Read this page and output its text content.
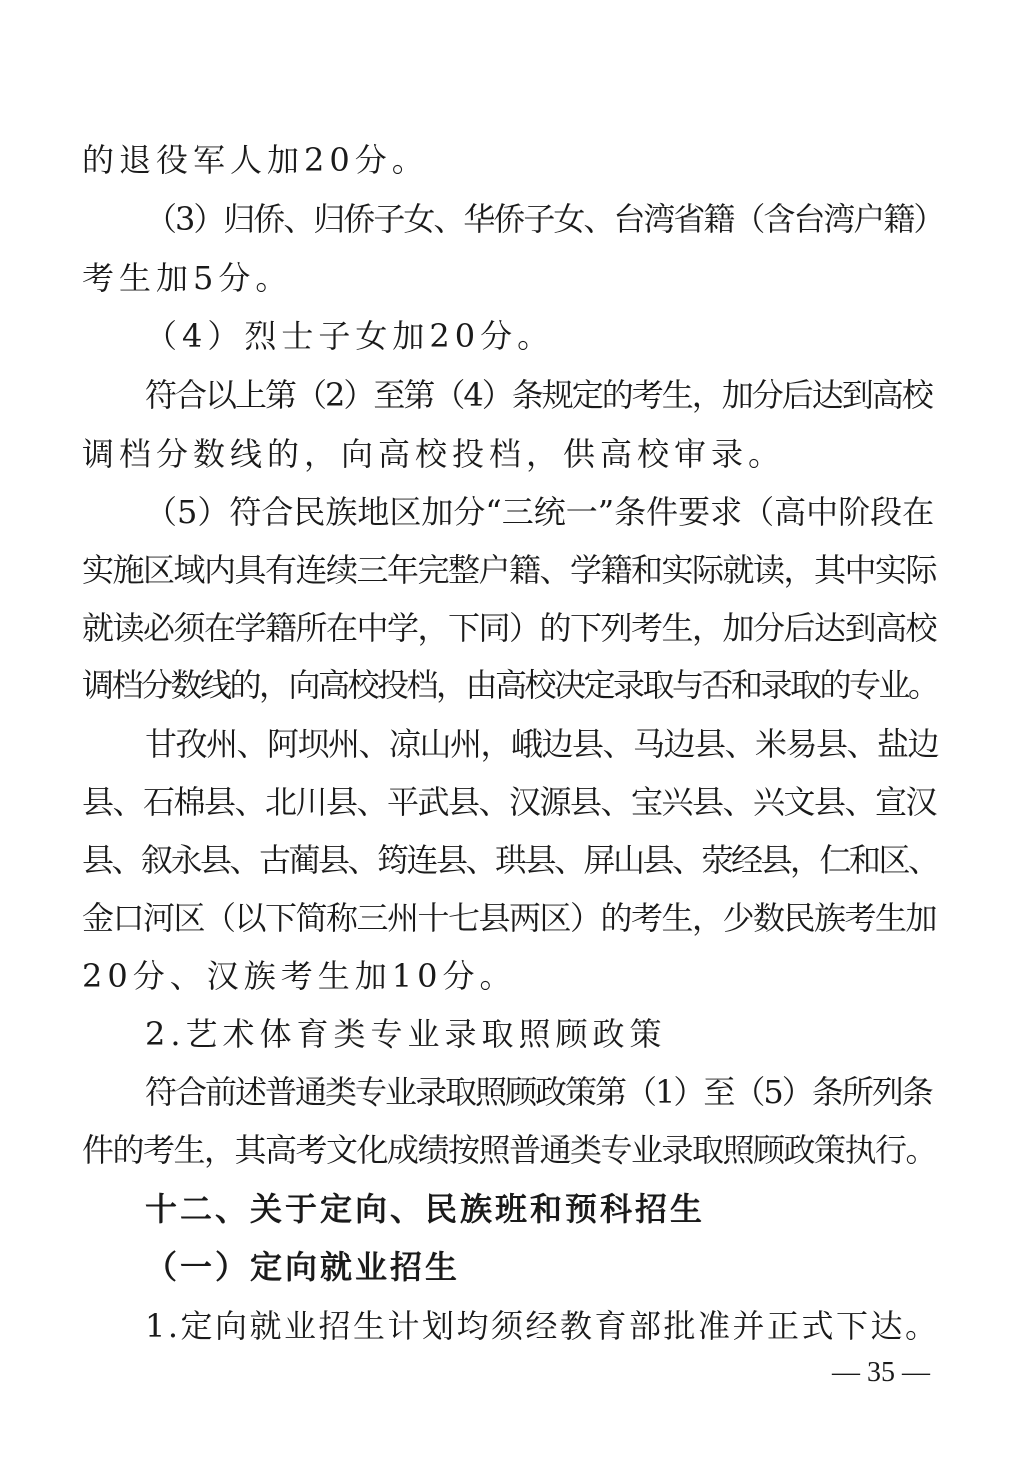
的退役军人加20分。
（3）归侨、归侨子女、华侨子女、台湾省籍（含台湾户籍）
考生加5分。
（4）烈士子女加20分。
符合以上第（2）至第（4）条规定的考生，加分后达到高校
调档分数线的，向高校投档，供高校审录。
（5）符合民族地区加分“三统一”条件要求（高中阶段在
实施区域内具有连续三年完整户籍、学籍和实际就读，其中实际
就读必须在学籍所在中学，下同）的下列考生，加分后达到高校
调档分数线的，向高校投档，由高校决定录取与否和录取的专业。
甘孜州、阿坝州、凉山州，峨边县、马边县、米易县、盐边
县、石棉县、北川县、平武县、汉源县、宝兴县、兴文县、宣汉
县、叙永县、古蔺县、筠连县、珙县、屏山县、荥经县，仁和区、
金口河区（以下简称三州十七县两区）的考生，少数民族考生加
20分、汉族考生加10分。
2.艺术体育类专业录取照顾政策
符合前述普通类专业录取照顾政策第（1）至（5）条所列条
件的考生，其高考文化成绩按照普通类专业录取照顾政策执行。
十二、关于定向、民族班和预科招生
（一）定向就业招生
1.定向就业招生计划均须经教育部批准并正式下达。
— 35 —
